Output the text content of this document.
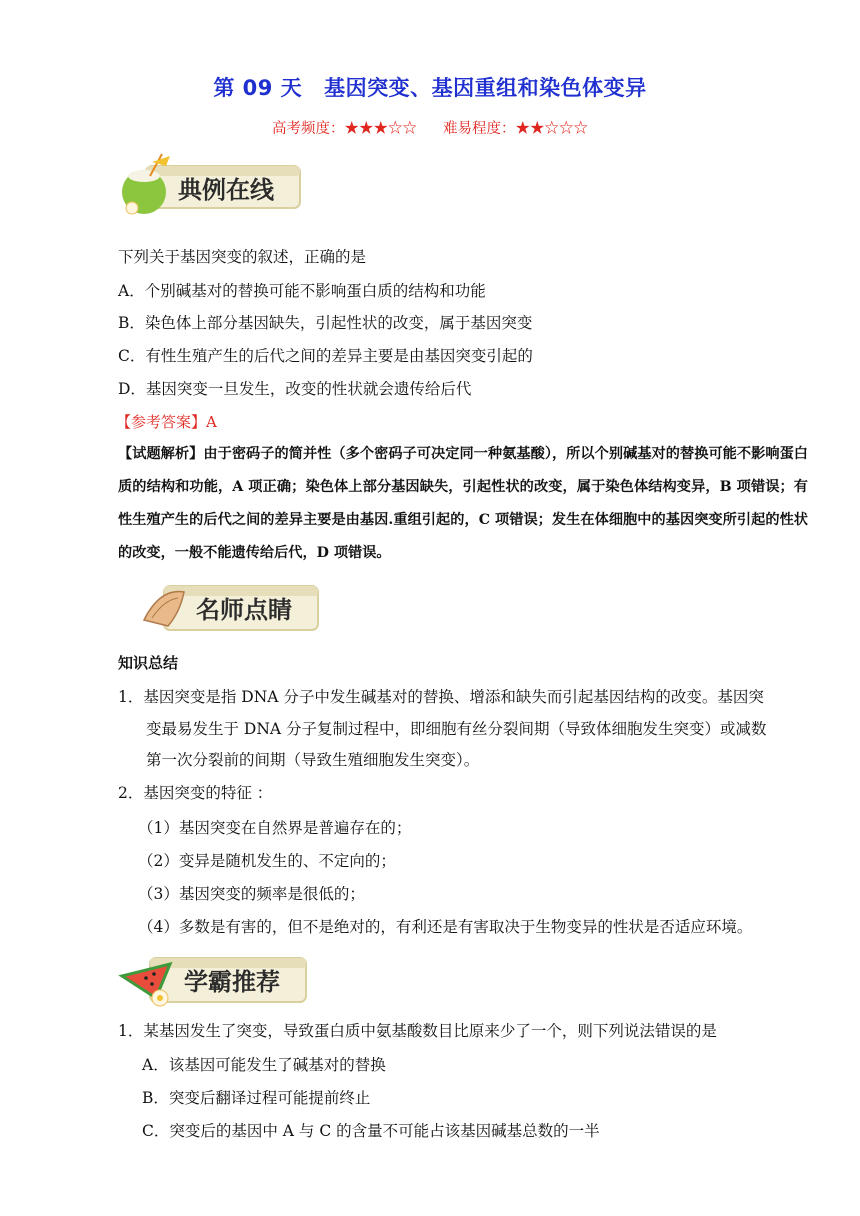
第 09 天 基因突变、基因重组和染色体变异
高考频度：★★★☆☆ 难易程度：★★☆☆☆
典例在线
下列关于基因突变的叙述，正确的是
A．个别碱基对的替换可能不影响蛋白质的结构和功能
B．染色体上部分基因缺失，引起性状的改变，属于基因突变
C．有性生殖产生的后代之间的差异主要是由基因突变引起的
D．基因突变一旦发生，改变的性状就会遗传给后代
【参考答案】A
【试题解析】由于密码子的简并性（多个密码子可决定同一种氨基酸），所以个别碱基对的替换可能不影响蛋白质的结构和功能，A 项正确；染色体上部分基因缺失，引起性状的改变，属于染色体结构变异，B 项错误；有性生殖产生的后代之间的差异主要是由基因.重组引起的，C 项错误；发生在体细胞中的基因突变所引起的性状的改变，一般不能遗传给后代，D 项错误。
名师点睛
知识总结
1．基因突变是指 DNA 分子中发生碱基对的替换、增添和缺失而引起基因结构的改变。基因突
变最易发生于 DNA 分子复制过程中，即细胞有丝分裂间期（导致体细胞发生突变）或减数
第一次分裂前的间期（导致生殖细胞发生突变）。
2．基因突变的特征 ：
（1）基因突变在自然界是普遍存在的；
（2）变异是随机发生的、不定向的；
（3）基因突变的频率是很低的；
（4）多数是有害的，但不是绝对的，有利还是有害取决于生物变异的性状是否适应环境。
学霸推荐
1．某基因发生了突变，导致蛋白质中氨基酸数目比原来少了一个，则下列说法错误的是
A．该基因可能发生了碱基对的替换
B．突变后翻译过程可能提前终止
C．突变后的基因中 A 与 C 的含量不可能占该基因碱基总数的一半
